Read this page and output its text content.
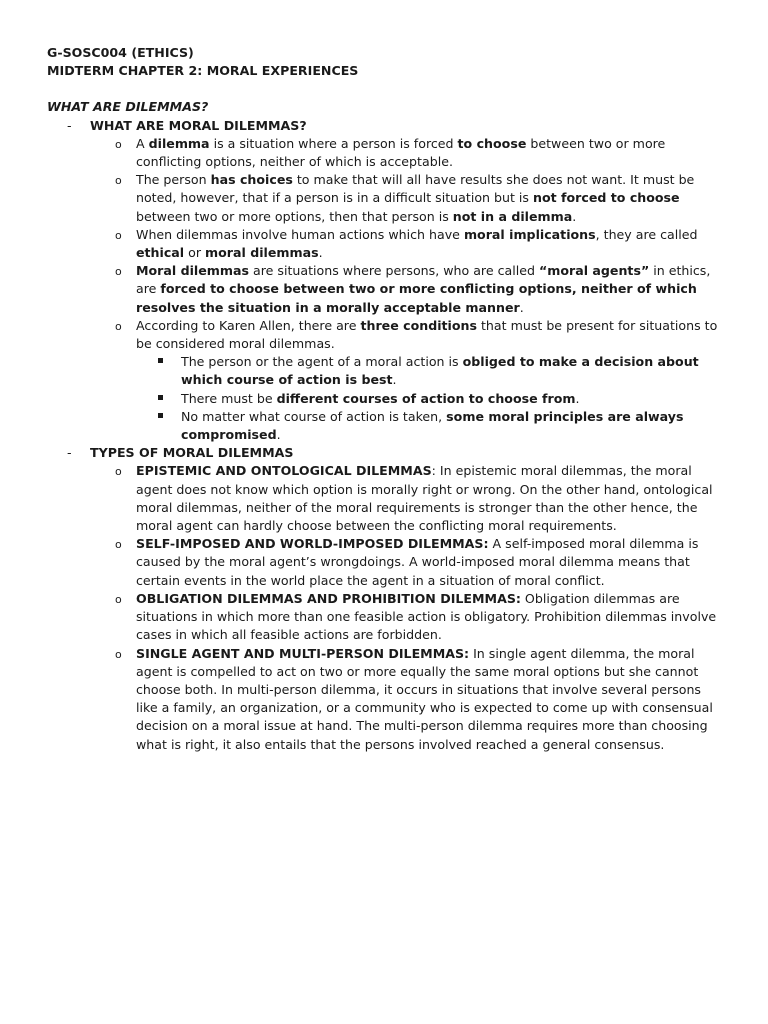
G-SOSC004 (ETHICS)
MIDTERM CHAPTER 2: MORAL EXPERIENCES
WHAT ARE DILEMMAS?
- WHAT ARE MORAL DILEMMAS?
o A dilemma is a situation where a person is forced to choose between two or more conflicting options, neither of which is acceptable.
o The person has choices to make that will all have results she does not want. It must be noted, however, that if a person is in a difficult situation but is not forced to choose between two or more options, then that person is not in a dilemma.
o When dilemmas involve human actions which have moral implications, they are called ethical or moral dilemmas.
o Moral dilemmas are situations where persons, who are called “moral agents” in ethics, are forced to choose between two or more conflicting options, neither of which resolves the situation in a morally acceptable manner.
o According to Karen Allen, there are three conditions that must be present for situations to be considered moral dilemmas.
The person or the agent of a moral action is obliged to make a decision about which course of action is best.
There must be different courses of action to choose from.
No matter what course of action is taken, some moral principles are always compromised.
- TYPES OF MORAL DILEMMAS
o EPISTEMIC AND ONTOLOGICAL DILEMMAS: In epistemic moral dilemmas, the moral agent does not know which option is morally right or wrong. On the other hand, ontological moral dilemmas, neither of the moral requirements is stronger than the other hence, the moral agent can hardly choose between the conflicting moral requirements.
o SELF-IMPOSED AND WORLD-IMPOSED DILEMMAS: A self-imposed moral dilemma is caused by the moral agent’s wrongdoings. A world-imposed moral dilemma means that certain events in the world place the agent in a situation of moral conflict.
o OBLIGATION DILEMMAS AND PROHIBITION DILEMMAS: Obligation dilemmas are situations in which more than one feasible action is obligatory. Prohibition dilemmas involve cases in which all feasible actions are forbidden.
o SINGLE AGENT AND MULTI-PERSON DILEMMAS: In single agent dilemma, the moral agent is compelled to act on two or more equally the same moral options but she cannot choose both. In multi-person dilemma, it occurs in situations that involve several persons like a family, an organization, or a community who is expected to come up with consensual decision on a moral issue at hand. The multi-person dilemma requires more than choosing what is right, it also entails that the persons involved reached a general consensus.
